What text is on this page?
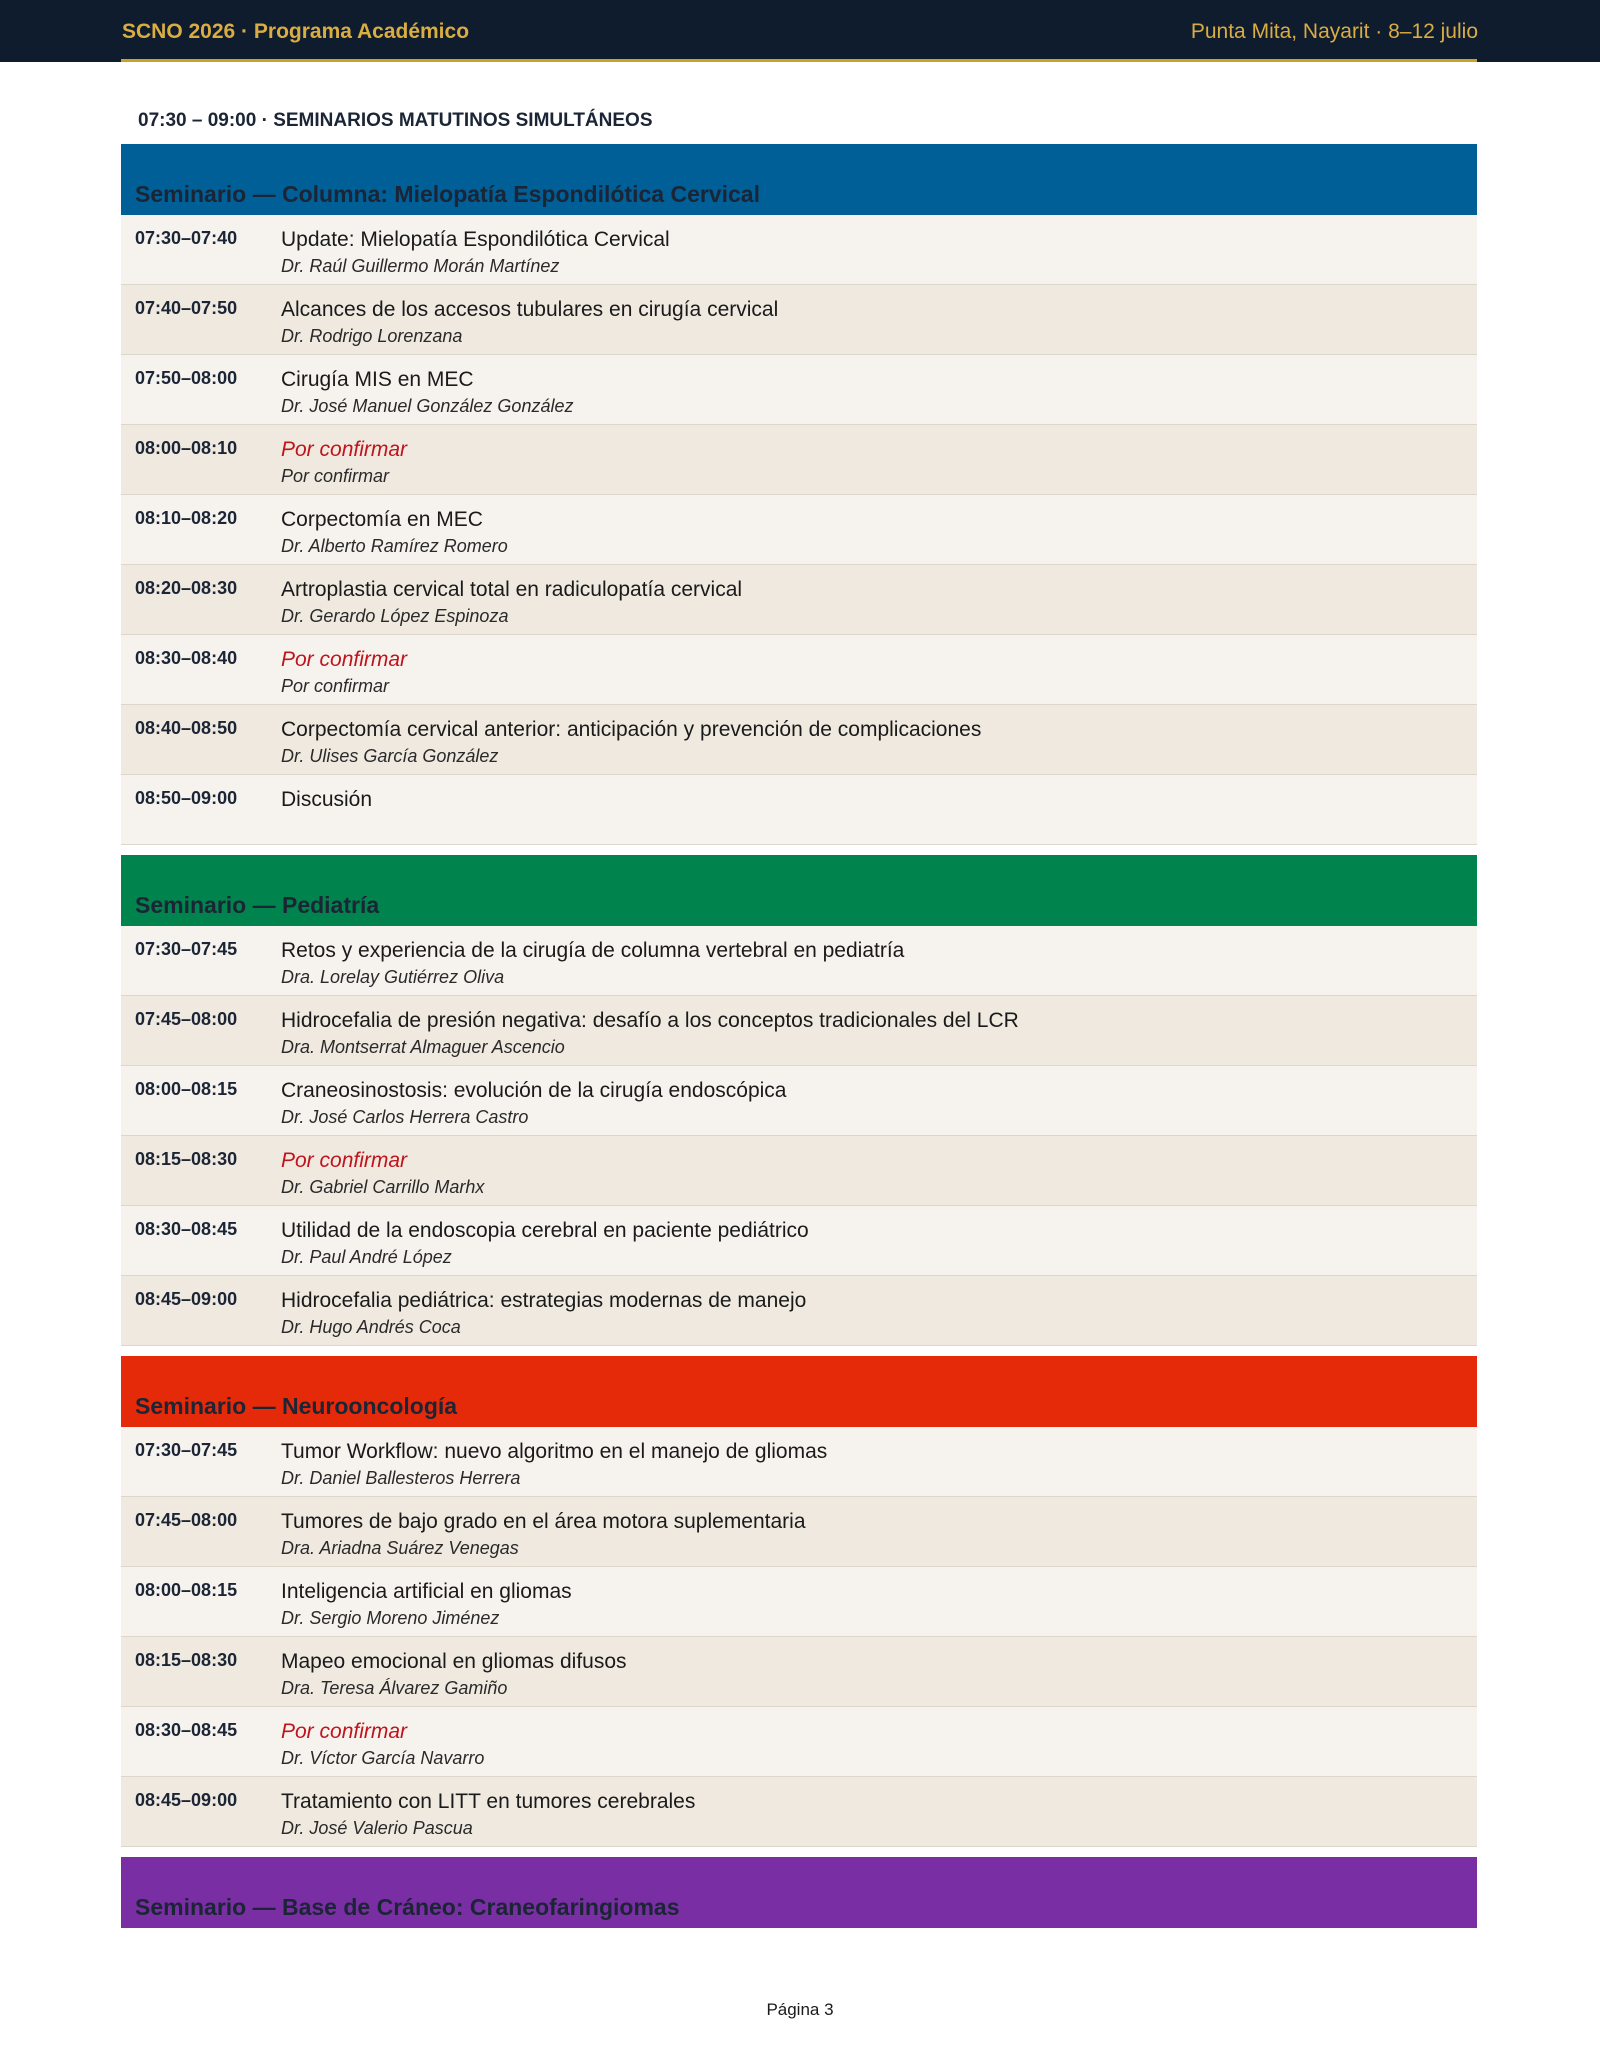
SCNO 2026 · Programa Académico	Punta Mita, Nayarit · 8–12 julio
07:30 – 09:00 · SEMINARIOS MATUTINOS SIMULTÁNEOS
Seminario — Columna: Mielopatía Espondilótica Cervical
07:30–07:40	Update: Mielopatía Espondilótica Cervical
Dr. Raúl Guillermo Morán Martínez
07:40–07:50	Alcances de los accesos tubulares en cirugía cervical
Dr. Rodrigo Lorenzana
07:50–08:00	Cirugía MIS en MEC
Dr. José Manuel González González
08:00–08:10	Por confirmar
Por confirmar
08:10–08:20	Corpectomía en MEC
Dr. Alberto Ramírez Romero
08:20–08:30	Artroplastia cervical total en radiculopatía cervical
Dr. Gerardo López Espinoza
08:30–08:40	Por confirmar
Por confirmar
08:40–08:50	Corpectomía cervical anterior: anticipación y prevención de complicaciones
Dr. Ulises García González
08:50–09:00	Discusión
Seminario — Pediatría
07:30–07:45	Retos y experiencia de la cirugía de columna vertebral en pediatría
Dra. Lorelay Gutiérrez Oliva
07:45–08:00	Hidrocefalia de presión negativa: desafío a los conceptos tradicionales del LCR
Dra. Montserrat Almaguer Ascencio
08:00–08:15	Craneosinostosis: evolución de la cirugía endoscópica
Dr. José Carlos Herrera Castro
08:15–08:30	Por confirmar
Dr. Gabriel Carrillo Marhx
08:30–08:45	Utilidad de la endoscopia cerebral en paciente pediátrico
Dr. Paul André López
08:45–09:00	Hidrocefalia pediátrica: estrategias modernas de manejo
Dr. Hugo Andrés Coca
Seminario — Neurooncología
07:30–07:45	Tumor Workflow: nuevo algoritmo en el manejo de gliomas
Dr. Daniel Ballesteros Herrera
07:45–08:00	Tumores de bajo grado en el área motora suplementaria
Dra. Ariadna Suárez Venegas
08:00–08:15	Inteligencia artificial en gliomas
Dr. Sergio Moreno Jiménez
08:15–08:30	Mapeo emocional en gliomas difusos
Dra. Teresa Álvarez Gamiño
08:30–08:45	Por confirmar
Dr. Víctor García Navarro
08:45–09:00	Tratamiento con LITT en tumores cerebrales
Dr. José Valerio Pascua
Seminario — Base de Cráneo: Craneofaringiomas
Página 3
